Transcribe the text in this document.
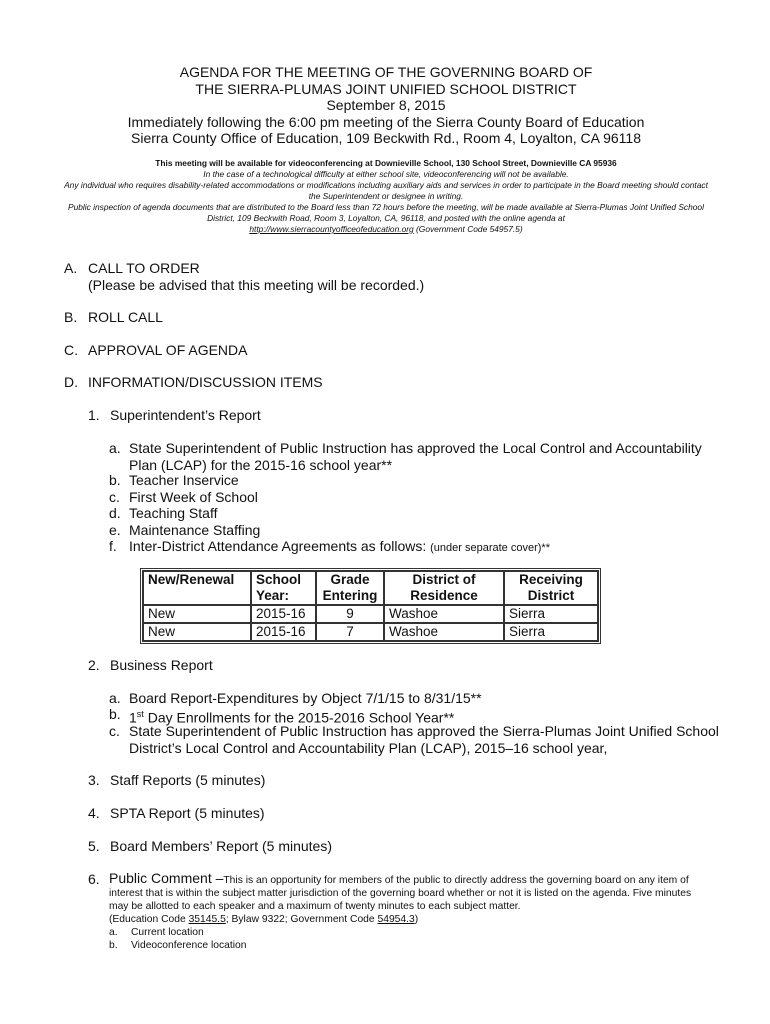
AGENDA FOR THE MEETING OF THE GOVERNING BOARD OF
THE SIERRA-PLUMAS JOINT UNIFIED SCHOOL DISTRICT
September 8, 2015
Immediately following the 6:00 pm meeting of the Sierra County Board of Education
Sierra County Office of Education, 109 Beckwith Rd., Room 4, Loyalton, CA 96118
This meeting will be available for videoconferencing at Downieville School, 130 School Street, Downieville CA 95936
In the case of a technological difficulty at either school site, videoconferencing will not be available.
Any individual who requires disability-related accommodations or modifications including auxiliary aids and services in order to participate in the Board meeting should contact the Superintendent or designee in writing.
Public inspection of agenda documents that are distributed to the Board less than 72 hours before the meeting, will be made available at Sierra-Plumas Joint Unified School District, 109 Beckwith Road, Room 3, Loyalton, CA, 96118, and posted with the online agenda at
http://www.sierracountyofficeofeducation.org (Government Code 54957.5)
A. CALL TO ORDER
(Please be advised that this meeting will be recorded.)
B. ROLL CALL
C. APPROVAL OF AGENDA
D. INFORMATION/DISCUSSION ITEMS
1. Superintendent’s Report
a. State Superintendent of Public Instruction has approved the Local Control and Accountability Plan (LCAP) for the 2015-16 school year**
b. Teacher Inservice
c. First Week of School
d. Teaching Staff
e. Maintenance Staffing
f. Inter-District Attendance Agreements as follows: (under separate cover)**
New/Renewal	School Year:	Grade Entering	District of Residence	Receiving District
New	2015-16	9	Washoe	Sierra
New	2015-16	7	Washoe	Sierra
2. Business Report
a. Board Report-Expenditures by Object 7/1/15 to 8/31/15**
b. 1st Day Enrollments for the 2015-2016 School Year**
c. State Superintendent of Public Instruction has approved the Sierra-Plumas Joint Unified School District’s Local Control and Accountability Plan (LCAP), 2015–16 school year,
3. Staff Reports (5 minutes)
4. SPTA Report (5 minutes)
5. Board Members’ Report (5 minutes)
6. Public Comment –This is an opportunity for members of the public to directly address the governing board on any item of interest that is within the subject matter jurisdiction of the governing board whether or not it is listed on the agenda. Five minutes may be allotted to each speaker and a maximum of twenty minutes to each subject matter.
(Education Code 35145.5; Bylaw 9322; Government Code 54954.3)
a. Current location
b. Videoconference location
